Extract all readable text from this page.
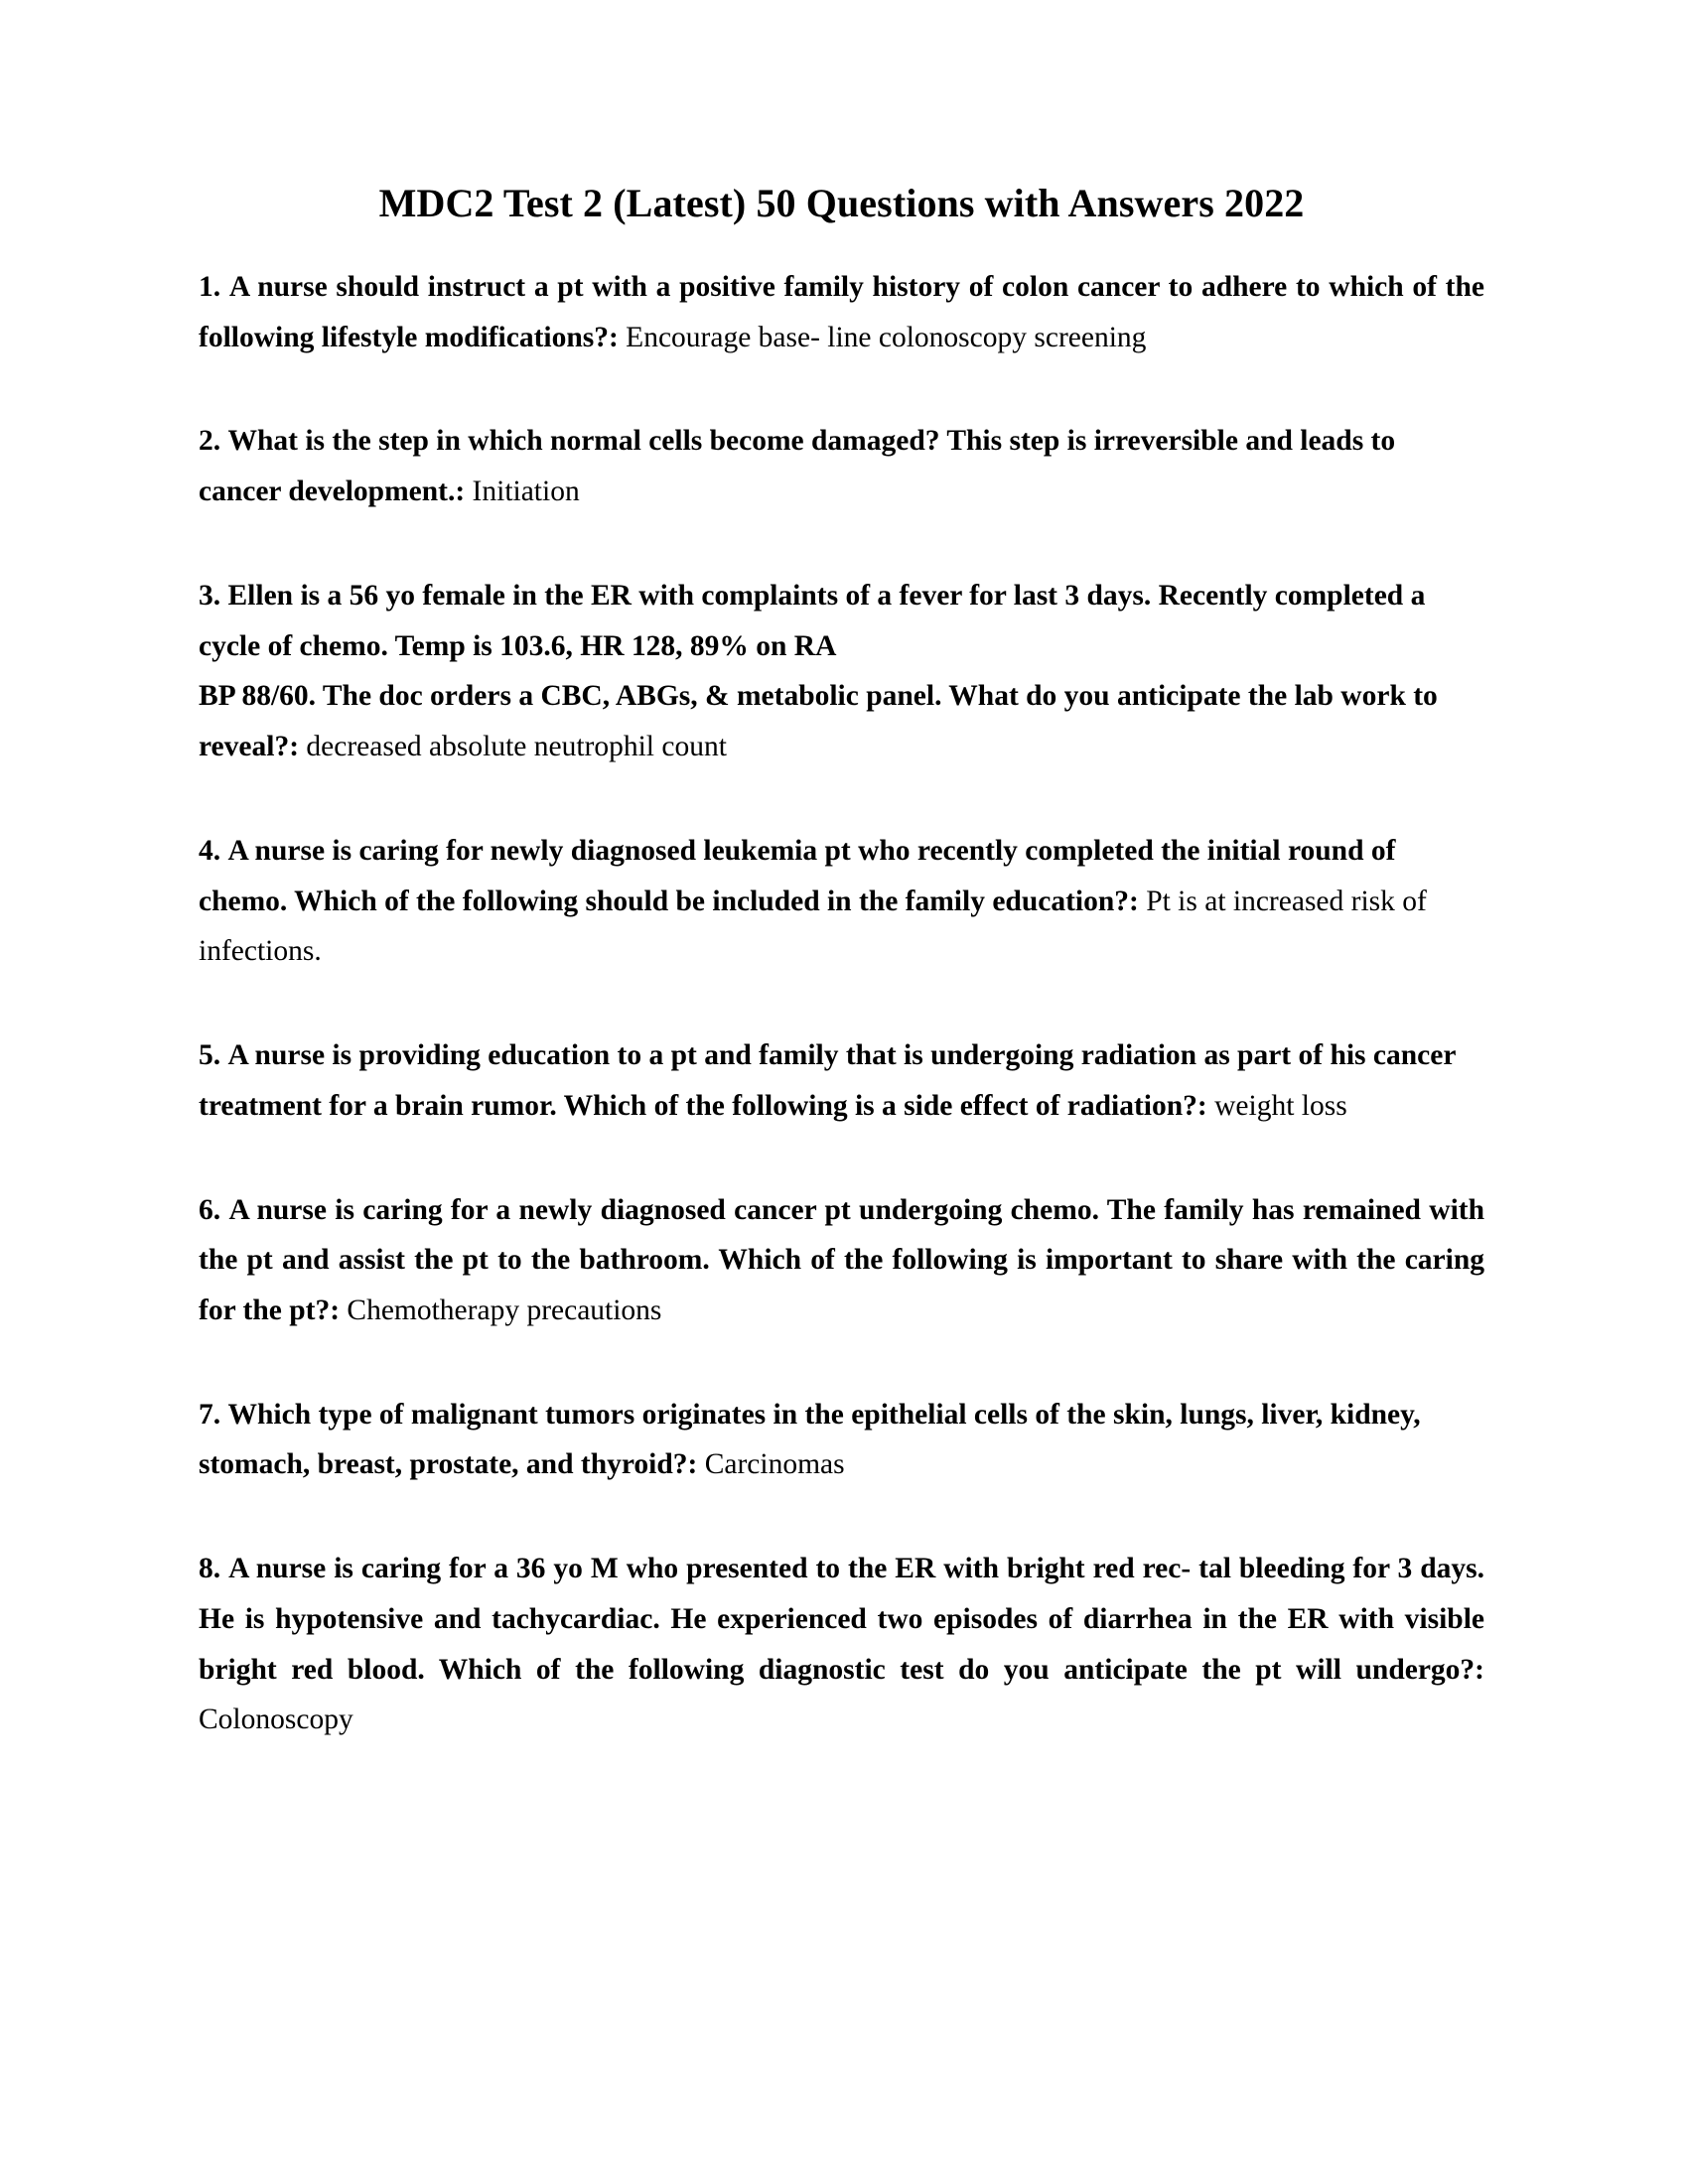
MDC2 Test 2 (Latest) 50 Questions with Answers 2022

1. A nurse should instruct a pt with a positive family history of colon cancer to adhere to which of the following lifestyle modifications?: Encourage base- line colonoscopy screening

2. What is the step in which normal cells become damaged? This step is irreversible and leads to cancer development.: Initiation

3. Ellen is a 56 yo female in the ER with complaints of a fever for last 3 days. Recently completed a cycle of chemo. Temp is 103.6, HR 128, 89% on RA
BP 88/60. The doc orders a CBC, ABGs, & metabolic panel. What do you anticipate the lab work to reveal?: decreased absolute neutrophil count

4. A nurse is caring for newly diagnosed leukemia pt who recently completed the initial round of chemo. Which of the following should be included in the family education?: Pt is at increased risk of infections.

5. A nurse is providing education to a pt and family that is undergoing radiation as part of his cancer treatment for a brain rumor. Which of the following is a side effect of radiation?: weight loss

6. A nurse is caring for a newly diagnosed cancer pt undergoing chemo. The family has remained with the pt and assist the pt to the bathroom. Which of the following is important to share with the caring for the pt?: Chemotherapy precautions

7. Which type of malignant tumors originates in the epithelial cells of the skin, lungs, liver, kidney, stomach, breast, prostate, and thyroid?: Carcinomas

8. A nurse is caring for a 36 yo M who presented to the ER with bright red rec- tal bleeding for 3 days. He is hypotensive and tachycardiac. He experienced two episodes of diarrhea in the ER with visible bright red blood. Which of the following diagnostic test do you anticipate the pt will undergo?: Colonoscopy
